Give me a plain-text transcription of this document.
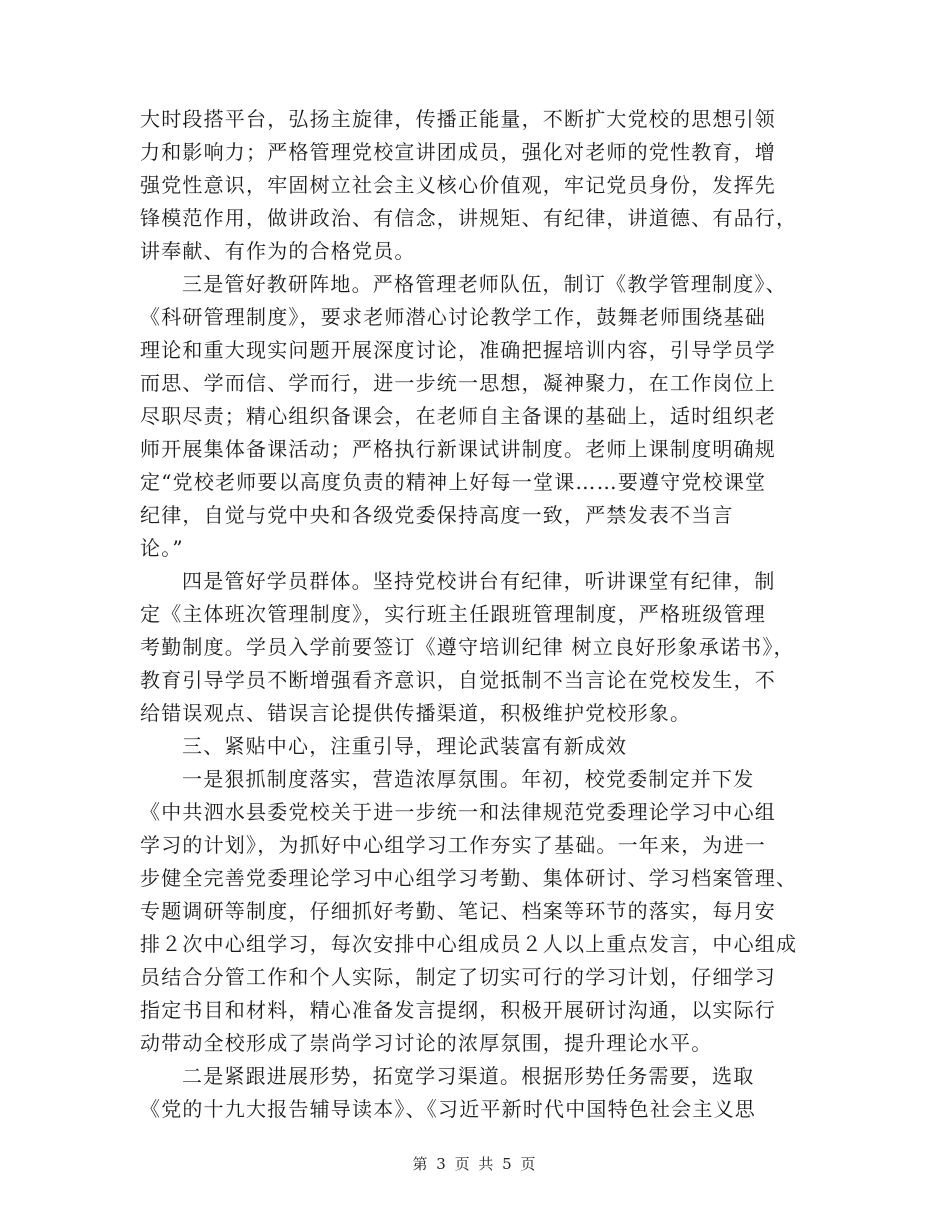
大时段搭平台，弘扬主旋律，传播正能量，不断扩大党校的思想引领
力和影响力；严格管理党校宣讲团成员，强化对老师的党性教育，增
强党性意识，牢固树立社会主义核心价值观，牢记党员身份，发挥先
锋模范作用，做讲政治、有信念，讲规矩、有纪律，讲道德、有品行，
讲奉献、有作为的合格党员。
三是管好教研阵地。严格管理老师队伍，制订《教学管理制度》、
《科研管理制度》，要求老师潜心讨论教学工作，鼓舞老师围绕基础
理论和重大现实问题开展深度讨论，准确把握培训内容，引导学员学
而思、学而信、学而行，进一步统一思想，凝神聚力，在工作岗位上
尽职尽责；精心组织备课会，在老师自主备课的基础上，适时组织老
师开展集体备课活动；严格执行新课试讲制度。老师上课制度明确规
定“党校老师要以高度负责的精神上好每一堂课……要遵守党校课堂
纪律，自觉与党中央和各级党委保持高度一致，严禁发表不当言
论。”
四是管好学员群体。坚持党校讲台有纪律，听讲课堂有纪律，制
定《主体班次管理制度》，实行班主任跟班管理制度，严格班级管理
考勤制度。学员入学前要签订《遵守培训纪律 树立良好形象承诺书》，
教育引导学员不断增强看齐意识，自觉抵制不当言论在党校发生，不
给错误观点、错误言论提供传播渠道，积极维护党校形象。
三、紧贴中心，注重引导，理论武装富有新成效
一是狠抓制度落实，营造浓厚氛围。年初，校党委制定并下发
《中共泗水县委党校关于进一步统一和法律规范党委理论学习中心组
学习的计划》，为抓好中心组学习工作夯实了基础。一年来，为进一
步健全完善党委理论学习中心组学习考勤、集体研讨、学习档案管理、
专题调研等制度，仔细抓好考勤、笔记、档案等环节的落实，每月安
排２次中心组学习，每次安排中心组成员２人以上重点发言，中心组成
员结合分管工作和个人实际，制定了切实可行的学习计划，仔细学习
指定书目和材料，精心准备发言提纲，积极开展研讨沟通，以实际行
动带动全校形成了崇尚学习讨论的浓厚氛围，提升理论水平。
二是紧跟进展形势，拓宽学习渠道。根据形势任务需要，选取
《党的十九大报告辅导读本》、《习近平新时代中国特色社会主义思
第 3 页 共 5 页
